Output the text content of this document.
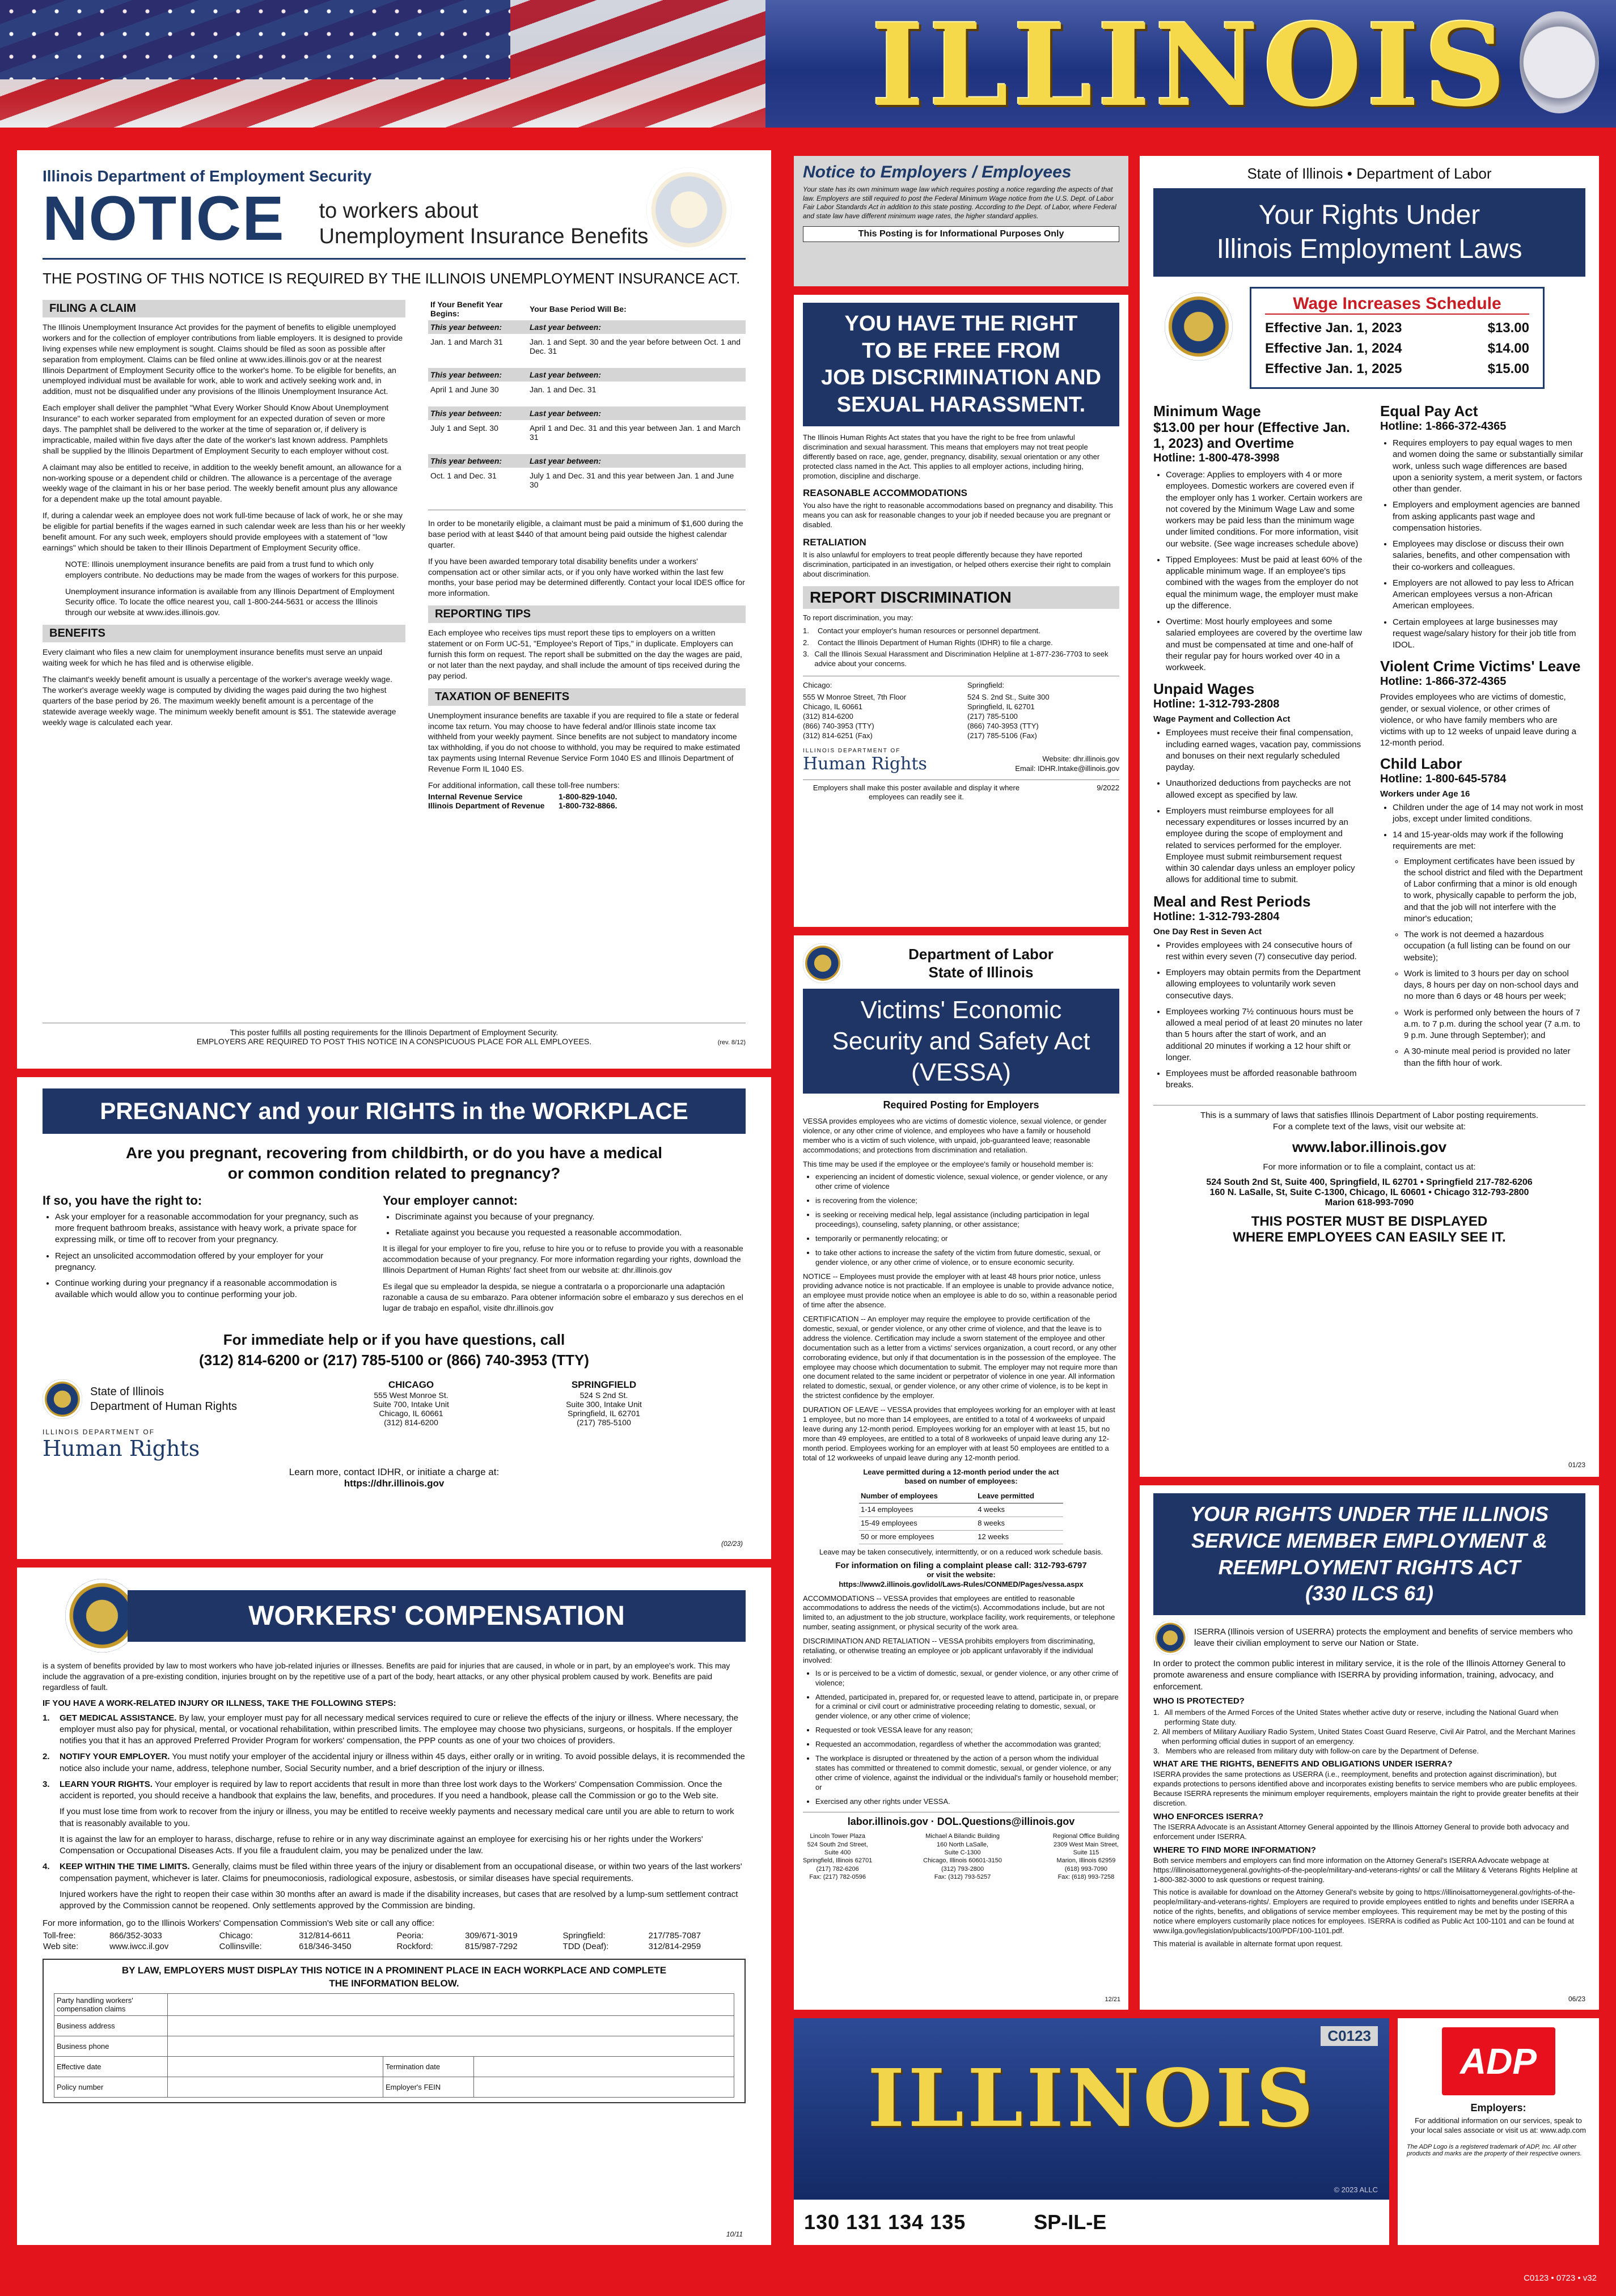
ILLINOIS
Illinois Department of Employment Security
NOTICE to workers about
Unemployment Insurance Benefits
THE POSTING OF THIS NOTICE IS REQUIRED BY THE ILLINOIS UNEMPLOYMENT INSURANCE ACT.
FILING A CLAIM

The Illinois Unemployment Insurance Act provides for the payment of benefits to eligible unemployed workers and for the collection of employer contributions from liable employers. It is designed to provide living expenses while new employment is sought. Claims should be filed as soon as possible after separation from employment. Claims can be filed online at www.ides.illinois.gov or at the nearest Illinois Department of Employment Security office to the worker's home. To be eligible for benefits, an unemployed individual must be available for work, able to work and actively seeking work and, in addition, must not be disqualified under any provisions of the Illinois Unemployment Insurance Act.

Each employer shall deliver the pamphlet "What Every Worker Should Know About Unemployment Insurance" to each worker separated from employment for an expected duration of seven or more days. The pamphlet shall be delivered to the worker at the time of separation or, if delivery is impracticable, mailed within five days after the date of the worker's last known address. Pamphlets shall be supplied by the Illinois Department of Employment Security to each employer without cost.

A claimant may also be entitled to receive, in addition to the weekly benefit amount, an allowance for a non-working spouse or a dependent child or children. The allowance is a percentage of the average weekly wage of the claimant in his or her base period. The weekly benefit amount plus any allowance for a dependent make up the total amount payable.

If, during a calendar week an employee does not work full-time because of lack of work, he or she may be eligible for partial benefits if the wages earned in such calendar week are less than his or her weekly benefit amount. For any such week, employers should provide employees with a statement of "low earnings" which should be taken to their Illinois Department of Employment Security office.

NOTE: Illinois unemployment insurance benefits are paid from a trust fund to which only employers contribute. No deductions may be made from the wages of workers for this purpose.

Unemployment insurance information is available from any Illinois Department of Employment Security office. To locate the office nearest you, call 1-800-244-5631 or access the Illinois through our website at www.ides.illinois.gov.

BENEFITS

Every claimant who files a new claim for unemployment insurance benefits must serve an unpaid waiting week for which he has filed and is otherwise eligible.

The claimant's weekly benefit amount is usually a percentage of the worker's average weekly wage. The worker's average weekly wage is computed by dividing the wages paid during the two highest quarters of the base period by 26. The maximum weekly benefit amount is a percentage of the statewide average weekly wage. The minimum weekly benefit amount is $51. The statewide average weekly wage is calculated each year.

If Your Benefit Year Begins:	Your Base Period Will Be:
This year between:	Last year between:
Jan. 1 and March 31	Jan. 1 and Sept. 30 and the year before between Oct. 1 and Dec. 31
This year between:	Last year between:
April 1 and June 30	Jan. 1 and Dec. 31
This year between:	Last year between:
July 1 and Sept. 30	April 1 and Dec. 31 and this year between Jan. 1 and March 31
This year between:	Last year between:
Oct. 1 and Dec. 31	July 1 and Dec. 31 and this year between Jan. 1 and June 30

In order to be monetarily eligible, a claimant must be paid a minimum of $1,600 during the base period with at least $440 of that amount being paid outside the highest calendar quarter.

If you have been awarded temporary total disability benefits under a workers' compensation act or other similar acts, or if you only have worked within the last few months, your base period may be determined differently. Contact your local IDES office for more information.

REPORTING TIPS

Each employee who receives tips must report these tips to employers on a written statement or on Form UC-51, "Employee's Report of Tips," in duplicate. Employers can furnish this form on request. The report shall be submitted on the day the wages are paid, or not later than the next payday, and shall include the amount of tips received during the pay period.

TAXATION OF BENEFITS

Unemployment insurance benefits are taxable if you are required to file a state or federal income tax return. You may choose to have federal and/or Illinois state income tax withheld from your weekly payment. Since benefits are not subject to mandatory income tax withholding, if you do not choose to withhold, you may be required to make estimated tax payments using Internal Revenue Service Form 1040 ES and Illinois Department of Revenue Form IL 1040 ES.

For additional information, call these toll-free numbers:

Internal Revenue Service	1-800-829-1040.
Illinois Department of Revenue	1-800-732-8866.
This poster fulfills all posting requirements for the Illinois Department of Employment Security.
EMPLOYERS ARE REQUIRED TO POST THIS NOTICE IN A CONSPICUOUS PLACE FOR ALL EMPLOYEES.	(rev. 8/12)
PREGNANCY and your RIGHTS in the WORKPLACE
Are you pregnant, recovering from childbirth, or do you have a medical
or common condition related to pregnancy?
If so, you have the right to:
• Ask your employer for a reasonable accommodation for your pregnancy, such as more frequent bathroom breaks, assistance with heavy work, a private space for expressing milk, or time off to recover from your pregnancy.
• Reject an unsolicited accommodation offered by your employer for your pregnancy.
• Continue working during your pregnancy if a reasonable accommodation is available which would allow you to continue performing your job.
Your employer cannot:
• Discriminate against you because of your pregnancy.
• Retaliate against you because you requested a reasonable accommodation.

It is illegal for your employer to fire you, refuse to hire you or to refuse to provide you with a reasonable accommodation because of your pregnancy. For more information regarding your rights, download the Illinois Department of Human Rights' fact sheet from our website at: dhr.illinois.gov

Es ilegal que su empleador la despida, se niegue a contratarla o a proporcionarle una adaptación razonable a causa de su embarazo. Para obtener información sobre el embarazo y sus derechos en el lugar de trabajo en español, visite dhr.illinois.gov

For immediate help or if you have questions, call
(312) 814-6200 or (217) 785-5100 or (866) 740-3953 (TTY)
State of Illinois
Department of Human Rights
ILLINOIS DEPARTMENT OF
Human Rights
CHICAGO
555 West Monroe St.
Suite 700, Intake Unit
Chicago, IL 60661
(312) 814-6200
SPRINGFIELD
524 S 2nd St.
Suite 300, Intake Unit
Springfield, IL 62701
(217) 785-5100
Learn more, contact IDHR, or initiate a charge at:
https://dhr.illinois.gov
(02/23)
WORKERS' COMPENSATION

is a system of benefits provided by law to most workers who have job-related injuries or illnesses. Benefits are paid for injuries that are caused, in whole or in part, by an employee's work. This may include the aggravation of a pre-existing condition, injuries brought on by the repetitive use of a part of the body, heart attacks, or any other physical problem caused by work. Benefits are paid regardless of fault.

IF YOU HAVE A WORK-RELATED INJURY OR ILLNESS, TAKE THE FOLLOWING STEPS:
1.	GET MEDICAL ASSISTANCE. By law, your employer must pay for all necessary medical services required to cure or relieve the effects of the injury or illness. Where necessary, the employer must also pay for physical, mental, or vocational rehabilitation, within prescribed limits. The employee may choose two physicians, surgeons, or hospitals. If the employer notifies you that it has an approved Preferred Provider Program for workers' compensation, the PPP counts as one of your two choices of providers.
2.	NOTIFY YOUR EMPLOYER. You must notify your employer of the accidental injury or illness within 45 days, either orally or in writing. To avoid possible delays, it is recommended the notice also include your name, address, telephone number, Social Security number, and a brief description of the injury or illness.
3.	LEARN YOUR RIGHTS. Your employer is required by law to report accidents that result in more than three lost work days to the Workers' Compensation Commission. Once the accident is reported, you should receive a handbook that explains the law, benefits, and procedures. If you need a handbook, please call the Commission or go to the Web site.

If you must lose time from work to recover from the injury or illness, you may be entitled to receive weekly payments and necessary medical care until you are able to return to work that is reasonably available to you.

It is against the law for an employer to harass, discharge, refuse to rehire or in any way discriminate against an employee for exercising his or her rights under the Workers' Compensation or Occupational Diseases Acts. If you file a fraudulent claim, you may be penalized under the law.

4.	KEEP WITHIN THE TIME LIMITS. Generally, claims must be filed within three years of the injury or disablement from an occupational disease, or within two years of the last workers' compensation payment, whichever is later. Claims for pneumoconiosis, radiological exposure, asbestosis, or similar diseases have special requirements.

Injured workers have the right to reopen their case within 30 months after an award is made if the disability increases, but cases that are resolved by a lump-sum settlement contract approved by the Commission cannot be reopened. Only settlements approved by the Commission are binding.

For more information, go to the Illinois Workers' Compensation Commission's Web site or call any office:
Toll-free:	866/352-3033	Chicago:	312/814-6611	Peoria:	309/671-3019	Springfield:	217/785-7087
Web site:	www.iwcc.il.gov	Collinsville:	618/346-3450	Rockford:	815/987-7292	TDD (Deaf):	312/814-2959
BY LAW, EMPLOYERS MUST DISPLAY THIS NOTICE IN A PROMINENT PLACE IN EACH WORKPLACE AND COMPLETE
THE INFORMATION BELOW.
Party handling workers' compensation claims			
Business address			
Business phone			
Effective date		Termination date	
Policy number		Employer's FEIN	
10/11
Notice to Employers / Employees
Your state has its own minimum wage law which requires posting a notice regarding the aspects of that law. Employers are still required to post the Federal Minimum Wage notice from the U.S. Dept. of Labor Fair Labor Standards Act in addition to this state posting. According to the Dept. of Labor, where Federal and state law have different minimum wage rates, the higher standard applies.
This Posting is for Informational Purposes Only
YOU HAVE THE RIGHT
TO BE FREE FROM
JOB DISCRIMINATION AND
SEXUAL HARASSMENT.

The Illinois Human Rights Act states that you have the right to be free from unlawful discrimination and sexual harassment. This means that employers may not treat people differently based on race, age, gender, pregnancy, disability, sexual orientation or any other protected class named in the Act. This applies to all employer actions, including hiring, promotion, discipline and discharge.

REASONABLE ACCOMMODATIONS

You also have the right to reasonable accommodations based on pregnancy and disability. This means you can ask for reasonable changes to your job if needed because you are pregnant or disabled.

RETALIATION

It is also unlawful for employers to treat people differently because they have reported discrimination, participated in an investigation, or helped others exercise their right to complain about discrimination.

REPORT DISCRIMINATION
To report discrimination, you may:
1.	Contact your employer's human resources or personnel department.
2.	Contact the Illinois Department of Human Rights (IDHR) to file a charge.
3. Call the Illinois Sexual Harassment and Discrimination Helpline at 1-877-236-7703 to seek advice about your concerns.
Chicago:
555 W Monroe Street, 7th Floor
Chicago, IL 60661
(312) 814-6200
(866) 740-3953 (TTY)
(312) 814-6251 (Fax)
Springfield:
524 S. 2nd St., Suite 300
Springfield, IL 62701
(217) 785-5100
(866) 740-3953 (TTY)
(217) 785-5106 (Fax)
ILLINOIS DEPARTMENT OF
Human Rights	Website: dhr.illinois.gov
Email: IDHR.Intake@illinois.gov
Employers shall make this poster available and display it where employees can readily see it.
9/2022
Department of Labor
State of Illinois
Victims' Economic
Security and Safety Act
(VESSA)
Required Posting for Employers

VESSA provides employees who are victims of domestic violence, sexual violence, or gender violence, or any other crime of violence, and employees who have a family or household member who is a victim of such violence, with unpaid, job-guaranteed leave; reasonable accommodations; and protections from discrimination and retaliation.

This time may be used if the employee or the employee's family or household member is:

• experiencing an incident of domestic violence, sexual violence, or gender violence, or any other crime of violence
• is recovering from the violence;
• is seeking or receiving medical help, legal assistance (including participation in legal proceedings), counseling, safety planning, or other assistance;
• temporarily or permanently relocating; or
• to take other actions to increase the safety of the victim from future domestic, sexual, or gender violence, or any other crime of violence, or to ensure economic security.

NOTICE -- Employees must provide the employer with at least 48 hours prior notice, unless providing advance notice is not practicable. If an employee is unable to provide advance notice, an employee must provide notice when an employee is able to do so, within a reasonable period of time after the absence.

CERTIFICATION -- An employer may require the employee to provide certification of the domestic, sexual, or gender violence, or any other crime of violence, and that the leave is to address the violence. Certification may include a sworn statement of the employee and other documentation such as a letter from a victims' services organization, a court record, or any other corroborating evidence, but only if that documentation is in the possession of the employee. The employee may choose which documentation to submit. The employer may not require more than one document related to the same incident or perpetrator of violence in one year. All information related to domestic, sexual, or gender violence, or any other crime of violence, is to be kept in the strictest confidence by the employer.

DURATION OF LEAVE -- VESSA provides that employees working for an employer with at least 1 employee, but no more than 14 employees, are entitled to a total of 4 workweeks of unpaid leave during any 12-month period. Employees working for an employer with at least 15, but no more than 49 employees, are entitled to a total of 8 workweeks of unpaid leave during any 12-month period. Employees working for an employer with at least 50 employees are entitled to a total of 12 workweeks of unpaid leave during any 12-month period.

Leave permitted during a 12-month period under the act
based on number of employees:
Number of employees	Leave permitted
1-14 employees	4 weeks
15-49 employees	8 weeks
50 or more employees	12 weeks
Leave may be taken consecutively, intermittently, or on a reduced work schedule basis.
For information on filing a complaint please call: 312-793-6797
or visit the website:
https://www2.illinois.gov/idol/Laws-Rules/CONMED/Pages/vessa.aspx

ACCOMMODATIONS -- VESSA provides that employees are entitled to reasonable accommodations to address the needs of the victim(s). Accommodations include, but are not limited to, an adjustment to the job structure, workplace facility, work requirements, or telephone number, seating assignment, or physical security of the work area.

DISCRIMINATION AND RETALIATION -- VESSA prohibits employers from discriminating, retaliating, or otherwise treating an employee or job applicant unfavorably if the individual involved:

• Is or is perceived to be a victim of domestic, sexual, or gender violence, or any other crime of violence;
• Attended, participated in, prepared for, or requested leave to attend, participate in, or prepare for a criminal or civil court or administrative proceeding relating to domestic, sexual, or gender violence, or any other crime of violence;
• Requested or took VESSA leave for any reason;
• Requested an accommodation, regardless of whether the accommodation was granted;
• The workplace is disrupted or threatened by the action of a person whom the individual states has committed or threatened to commit domestic, sexual, or gender violence, or any other crime of violence, against the individual or the individual's family or household member; or
• Exercised any other rights under VESSA.
labor.illinois.gov · DOL.Questions@illinois.gov
Lincoln Tower Plaza
524 South 2nd Street,
Suite 400
Springfield, Illinois 62701
(217) 782-6206
Fax: (217) 782-0596
Michael A Bilandic Building
160 North LaSalle,
Suite C-1300
Chicago, Illinois 60601-3150
(312) 793-2800
Fax: (312) 793-5257
Regional Office Building
2309 West Main Street,
Suite 115
Marion, Illinois 62959
(618) 993-7090
Fax: (618) 993-7258
12/21
State of Illinois • Department of Labor
Your Rights Under
Illinois Employment Laws
Wage Increases Schedule
Effective Jan. 1, 2023	$13.00
Effective Jan. 1, 2024	$14.00
Effective Jan. 1, 2025	$15.00
Minimum Wage
$13.00 per hour (Effective Jan. 1, 2023) and Overtime
Hotline: 1-800-478-3998
• Coverage: Applies to employers with 4 or more employees. Domestic workers are covered even if the employer only has 1 worker. Certain workers are not covered by the Minimum Wage Law and some workers may be paid less than the minimum wage under limited conditions. For more information, visit our website. (See wage increases schedule above)
• Tipped Employees: Must be paid at least 60% of the applicable minimum wage. If an employee's tips combined with the wages from the employer do not equal the minimum wage, the employer must make up the difference.
• Overtime: Most hourly employees and some salaried employees are covered by the overtime law and must be compensated at time and one-half of their regular pay for hours worked over 40 in a workweek.
Unpaid Wages
Hotline: 1-312-793-2808
Wage Payment and Collection Act
• Employees must receive their final compensation, including earned wages, vacation pay, commissions and bonuses on their next regularly scheduled payday.
• Unauthorized deductions from paychecks are not allowed except as specified by law.
• Employers must reimburse employees for all necessary expenditures or losses incurred by an employee during the scope of employment and related to services performed for the employer. Employee must submit reimbursement request within 30 calendar days unless an employer policy allows for additional time to submit.
Meal and Rest Periods
Hotline: 1-312-793-2804
One Day Rest in Seven Act
• Provides employees with 24 consecutive hours of rest within every seven (7) consecutive day period.
• Employers may obtain permits from the Department allowing employees to voluntarily work seven consecutive days.
• Employees working 7½ continuous hours must be allowed a meal period of at least 20 minutes no later than 5 hours after the start of work, and an additional 20 minutes if working a 12 hour shift or longer.
• Employees must be afforded reasonable bathroom breaks.
Equal Pay Act
Hotline: 1-866-372-4365
• Requires employers to pay equal wages to men and women doing the same or substantially similar work, unless such wage differences are based upon a seniority system, a merit system, or factors other than gender.
• Employers and employment agencies are banned from asking applicants past wage and compensation histories.
• Employees may disclose or discuss their own salaries, benefits, and other compensation with their co-workers and colleagues.
• Employers are not allowed to pay less to African American employees versus a non-African American employees.
• Certain employees at large businesses may request wage/salary history for their job title from IDOL.
Violent Crime Victims' Leave
Hotline: 1-866-372-4365

Provides employees who are victims of domestic, gender, or sexual violence, or other crimes of violence, or who have family members who are victims with up to 12 weeks of unpaid leave during a 12-month period.

Child Labor
Hotline: 1-800-645-5784
Workers under Age 16
• Children under the age of 14 may not work in most jobs, except under limited conditions.
• 14 and 15-year-olds may work if the following requirements are met:
◦ Employment certificates have been issued by the school district and filed with the Department of Labor confirming that a minor is old enough to work, physically capable to perform the job, and that the job will not interfere with the minor's education;
◦ The work is not deemed a hazardous occupation (a full listing can be found on our website);
◦ Work is limited to 3 hours per day on school days, 8 hours per day on non-school days and no more than 6 days or 48 hours per week;
◦ Work is performed only between the hours of 7 a.m. to 7 p.m. during the school year (7 a.m. to 9 p.m. June through September); and
◦ A 30-minute meal period is provided no later than the fifth hour of work.
This is a summary of laws that satisfies Illinois Department of Labor posting requirements.
For a complete text of the laws, visit our website at:
www.labor.illinois.gov
For more information or to file a complaint, contact us at:
524 South 2nd St, Suite 400, Springfield, IL 62701 • Springfield 217-782-6206
160 N. LaSalle, St, Suite C-1300, Chicago, IL 60601 • Chicago 312-793-2800
Marion 618-993-7090
THIS POSTER MUST BE DISPLAYED
WHERE EMPLOYEES CAN EASILY SEE IT.
01/23
YOUR RIGHTS UNDER THE ILLINOIS
SERVICE MEMBER EMPLOYMENT &
REEMPLOYMENT RIGHTS ACT
(330 ILCS 61)
ISERRA (Illinois version of USERRA) protects the employment and benefits of service members who leave their civilian employment to serve our Nation or State.

In order to protect the common public interest in military service, it is the role of the Illinois Attorney General to promote awareness and ensure compliance with ISERRA by providing information, training, advocacy, and enforcement.

WHO IS PROTECTED?
1. All members of the Armed Forces of the United States whether active duty or reserve, including the National Guard when performing State duty.
2. All members of Military Auxiliary Radio System, United States Coast Guard Reserve, Civil Air Patrol, and the Merchant Marines when performing official duties in support of an emergency.
3. Members who are released from military duty with follow-on care by the Department of Defense.
WHAT ARE THE RIGHTS, BENEFITS AND OBLIGATIONS UNDER ISERRA?

ISERRA provides the same protections as USERRA (i.e., reemployment, benefits and protection against discrimination), but expands protections to persons identified above and incorporates existing benefits to service members who are public employees. Because ISERRA represents the minimum employer requirements, employers maintain the right to provide greater benefits at their discretion.

WHO ENFORCES ISERRA?

The ISERRA Advocate is an Assistant Attorney General appointed by the Illinois Attorney General to provide both advocacy and enforcement under ISERRA.

WHERE TO FIND MORE INFORMATION?

Both service members and employers can find more information on the Attorney General's ISERRA Advocate webpage at https://illinoisattorneygeneral.gov/rights-of-the-people/military-and-veterans-rights/ or call the Military & Veterans Rights Helpline at 1-800-382-3000 to ask questions or request training.

This notice is available for download on the Attorney General's website by going to https://illinoisattorneygeneral.gov/rights-of-the-people/military-and-veterans-rights/. Employers are required to provide employees entitled to rights and benefits under ISERRA a notice of the rights, benefits, and obligations of service member employees. This requirement may be met by the posting of this notice where employers customarily place notices for employees. ISERRA is codified as Public Act 100-1101 and can be found at www.ilga.gov/legislation/publicacts/100/PDF/100-1101.pdf.

This material is available in alternate format upon request.
06/23
ILLINOIS
C0123
© 2023 ALLC
130 131 134 135	SP-IL-E
ADP
Employers:
For additional information on our services, speak to your local sales associate or visit us at: www.adp.com
The ADP Logo is a registered trademark of ADP, Inc. All other products and marks are the property of their respective owners.
C0123 • 0723 • v32
